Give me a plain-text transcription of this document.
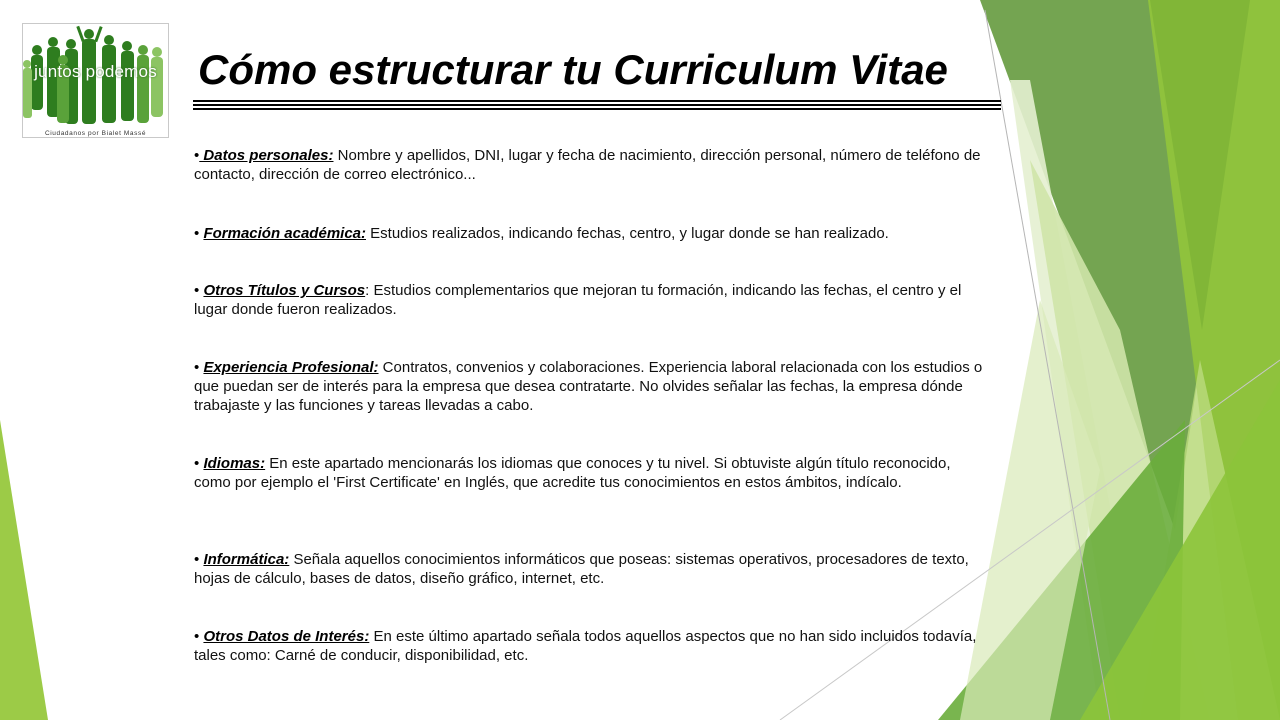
juntos podemos
Ciudadanos por Bialet Massé
Cómo estructurar tu Curriculum Vitae
• Datos personales: Nombre y apellidos, DNI, lugar y fecha de nacimiento, dirección personal, número de teléfono de contacto, dirección de correo electrónico...
• Formación académica: Estudios realizados, indicando fechas, centro, y lugar donde se han realizado.
• Otros Títulos y Cursos: Estudios complementarios que mejoran tu formación, indicando las fechas, el centro y el lugar donde fueron realizados.
• Experiencia Profesional: Contratos, convenios y colaboraciones. Experiencia laboral relacionada con los estudios o que puedan ser de interés para la empresa que desea contratarte. No olvides señalar las fechas, la empresa dónde trabajaste y las funciones y tareas llevadas a cabo.
• Idiomas: En este apartado mencionarás los idiomas que conoces y tu nivel. Si obtuviste algún título reconocido, como por ejemplo el 'First Certificate' en Inglés, que acredite tus conocimientos en estos ámbitos, indícalo.
• Informática: Señala aquellos conocimientos informáticos que poseas: sistemas operativos, procesadores de texto, hojas de cálculo, bases de datos, diseño gráfico, internet, etc.
• Otros Datos de Interés: En este último apartado señala todos aquellos aspectos que no han sido incluidos todavía, tales como: Carné de conducir, disponibilidad, etc.
